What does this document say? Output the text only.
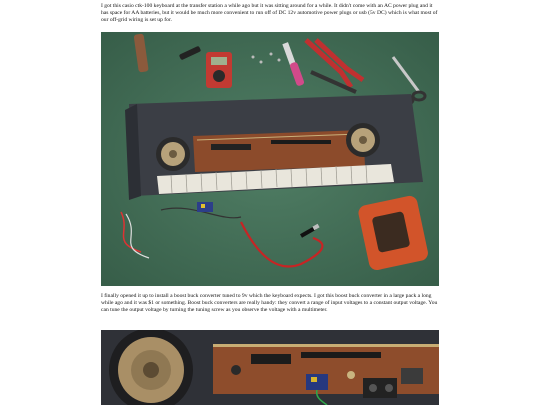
I got this casio ctk-100 keyboard at the transfer station a while ago but it was sitting around for a while. It didn't come with an AC power plug and it has space for AA batteries, but it would be much more convenient to run off of DC 12v automotive power plugs or usb (5v DC) which is what most of our off-grid wiring is set up for.

I finally opened it up to install a boost buck converter tuned to 9v which the keyboard expects. I got this boost buck converter in a large pack a long while ago and it was $1 or something. Boost buck converters are really handy: they convert a range of input voltages to a constant output voltage. You can tune the output voltage by turning the tuning screw as you observe the voltage with a multimeter.
